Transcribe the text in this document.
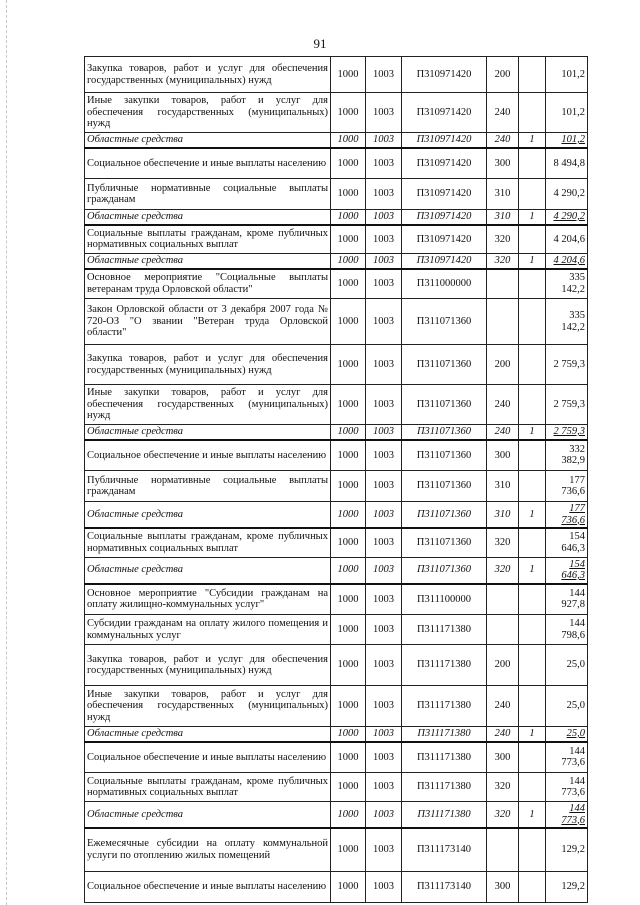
91
Закупка товаров, работ и услуг для обеспечения государственных (муниципальных) нужд	1000	1003	П310971420	200		101,2
Иные закупки товаров, работ и услуг для обеспечения государственных (муниципальных) нужд	1000	1003	П310971420	240		101,2
Областные средства	1000	1003	П310971420	240	1	101,2
Социальное обеспечение и иные выплаты населению	1000	1003	П310971420	300		8 494,8
Публичные нормативные социальные выплаты гражданам	1000	1003	П310971420	310		4 290,2
Областные средства	1000	1003	П310971420	310	1	4 290,2
Социальные выплаты гражданам, кроме публичных нормативных социальных выплат	1000	1003	П310971420	320		4 204,6
Областные средства	1000	1003	П310971420	320	1	4 204,6
Основное мероприятие "Социальные выплаты ветеранам труда Орловской области"	1000	1003	П311000000			335 142,2
Закон Орловской области от 3 декабря 2007 года № 720-ОЗ "О звании "Ветеран труда Орловской области"	1000	1003	П311071360			335 142,2
Закупка товаров, работ и услуг для обеспечения государственных (муниципальных) нужд	1000	1003	П311071360	200		2 759,3
Иные закупки товаров, работ и услуг для обеспечения государственных (муниципальных) нужд	1000	1003	П311071360	240		2 759,3
Областные средства	1000	1003	П311071360	240	1	2 759,3
Социальное обеспечение и иные выплаты населению	1000	1003	П311071360	300		332 382,9
Публичные нормативные социальные выплаты гражданам	1000	1003	П311071360	310		177 736,6
Областные средства	1000	1003	П311071360	310	1	177 736,6
Социальные выплаты гражданам, кроме публичных нормативных социальных выплат	1000	1003	П311071360	320		154 646,3
Областные средства	1000	1003	П311071360	320	1	154 646,3
Основное мероприятие "Субсидии гражданам на оплату жилищно-коммунальных услуг"	1000	1003	П311100000			144 927,8
Субсидии гражданам на оплату жилого помещения и коммунальных услуг	1000	1003	П311171380			144 798,6
Закупка товаров, работ и услуг для обеспечения государственных (муниципальных) нужд	1000	1003	П311171380	200		25,0
Иные закупки товаров, работ и услуг для обеспечения государственных (муниципальных) нужд	1000	1003	П311171380	240		25,0
Областные средства	1000	1003	П311171380	240	1	25,0
Социальное обеспечение и иные выплаты населению	1000	1003	П311171380	300		144 773,6
Социальные выплаты гражданам, кроме публичных нормативных социальных выплат	1000	1003	П311171380	320		144 773,6
Областные средства	1000	1003	П311171380	320	1	144 773,6
Ежемесячные субсидии на оплату коммунальной услуги по отоплению жилых помещений	1000	1003	П311173140			129,2
Социальное обеспечение и иные выплаты населению	1000	1003	П311173140	300		129,2
